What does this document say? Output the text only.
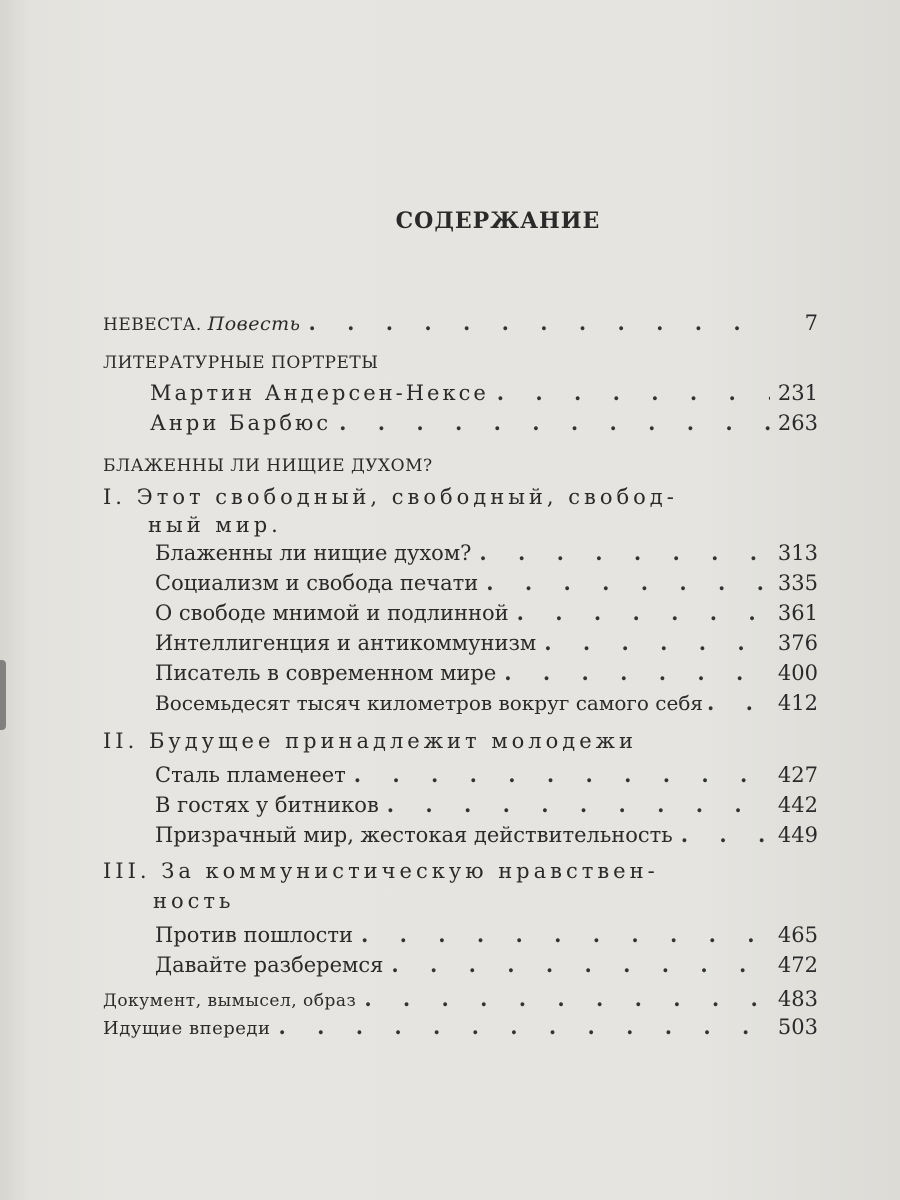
СОДЕРЖАНИЕ
НЕВЕСТА. Повесть . . .	7
ЛИТЕРАТУРНЫЕ ПОРТРЕТЫ
Мартин Андерсен-Нексе . . .	231
Анри Барбюс . . .	263
БЛАЖЕННЫ ЛИ НИЩИЕ ДУХОМ?
I. Этот свободный, свободный, свобод-
ный мир.
Блаженны ли нищие духом? . . .	313
Социализм и свобода печати . . .	335
О свободе мнимой и подлинной . . .	361
Интеллигенция и антикоммунизм . . .	376
Писатель в современном мире . . .	400
Восемьдесят тысяч километров вокруг самого себя . . .	412
II. Будущее принадлежит молодежи
Сталь пламенеет . . .	427
В гостях у битников . . .	442
Призрачный мир, жестокая действительность . . .	449
III. За коммунистическую нравствен-
ность
Против пошлости . . .	465
Давайте разберемся . . .	472
Документ, вымысел, образ . . .	483
Идущие впереди . . .	503
